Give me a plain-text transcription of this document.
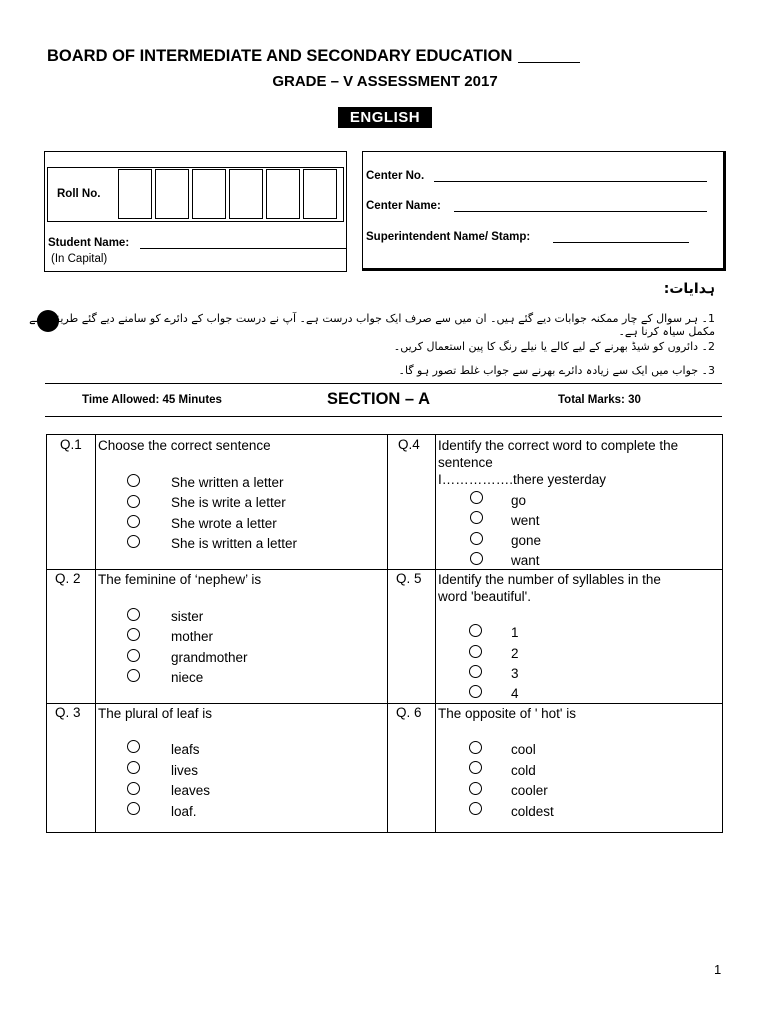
BOARD OF INTERMEDIATE AND SECONDARY EDUCATION
GRADE – V ASSESSMENT 2017
ENGLISH
Roll No.
Student Name:
(In Capital)
Center No.
Center Name:
Superintendent Name/ Stamp:
ہدایات:
1۔ ہر سوال کے چار ممکنہ جوابات دیے گئے ہیں۔ ان میں سے صرف ایک جواب درست ہے۔ آپ نے درست جواب کے دائرے کو سامنے دیے گئے طریقے سے مکمل سیاہ کرنا ہے۔
2۔ دائروں کو شیڈ بھرنے کے لیے کالے یا نیلے رنگ کا پین استعمال کریں۔
3۔ جواب میں ایک سے زیادہ دائرے بھرنے سے جواب غلط تصور ہو گا۔
Time Allowed: 45 Minutes	SECTION – A	Total Marks: 30
Q.1 Choose the correct sentence
She written a letter
She is write a letter
She wrote a letter
She is written a letter
Q. 2 The feminine of ‘nephew’ is
sister
mother
grandmother
niece
Q. 3 The plural of leaf is
leafs
lives
leaves
loaf.
Q.4 Identify the correct word to complete the
sentence
I…………….there yesterday
go
went
gone
want
Q. 5 Identify the number of syllables in the
word 'beautiful'.
1
2
3
4
Q. 6 The opposite of ' hot' is
cool
cold
cooler
coldest
1
